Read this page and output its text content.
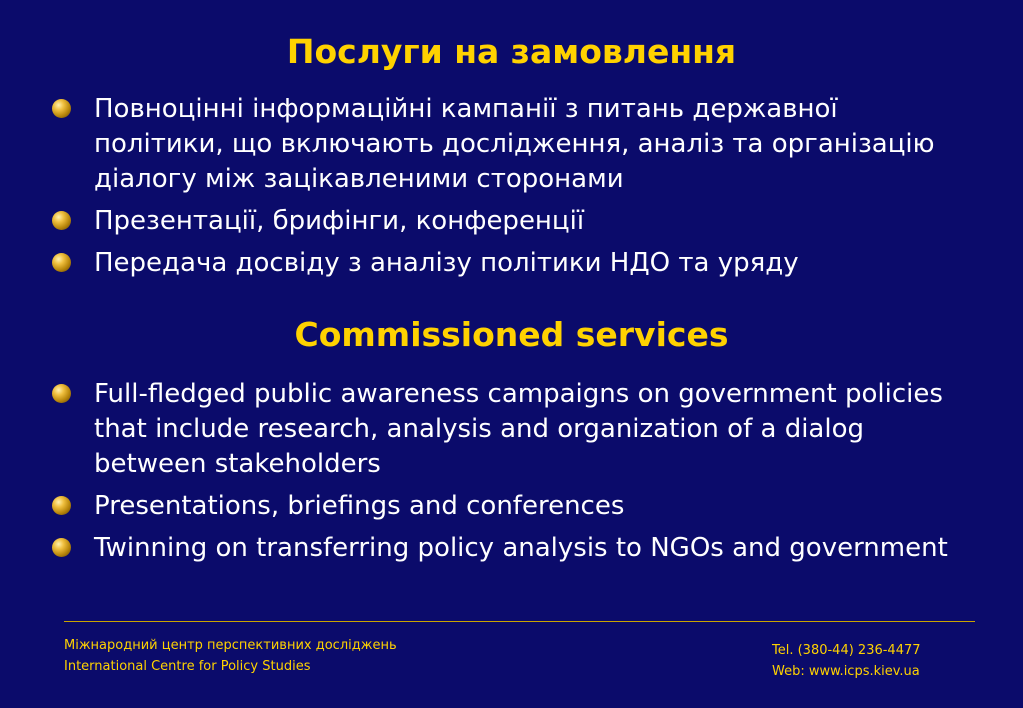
Послуги на замовлення
Повноцінні інформаційні кампанії з питань державної політики, що включають дослідження, аналіз та організацію діалогу між зацікавленими сторонами
Презентації, брифінги, конференції
Передача досвіду з аналізу політики НДО та уряду
Commissioned services
Full-fledged public awareness campaigns on government policies that include research, analysis and organization of a dialog between stakeholders
Presentations, briefings and conferences
Twinning on transferring policy analysis to NGOs and government
Міжнародний центр перспективних досліджень
International Centre for Policy Studies
Tel. (380-44) 236-4477
Web: www.icps.kiev.ua
